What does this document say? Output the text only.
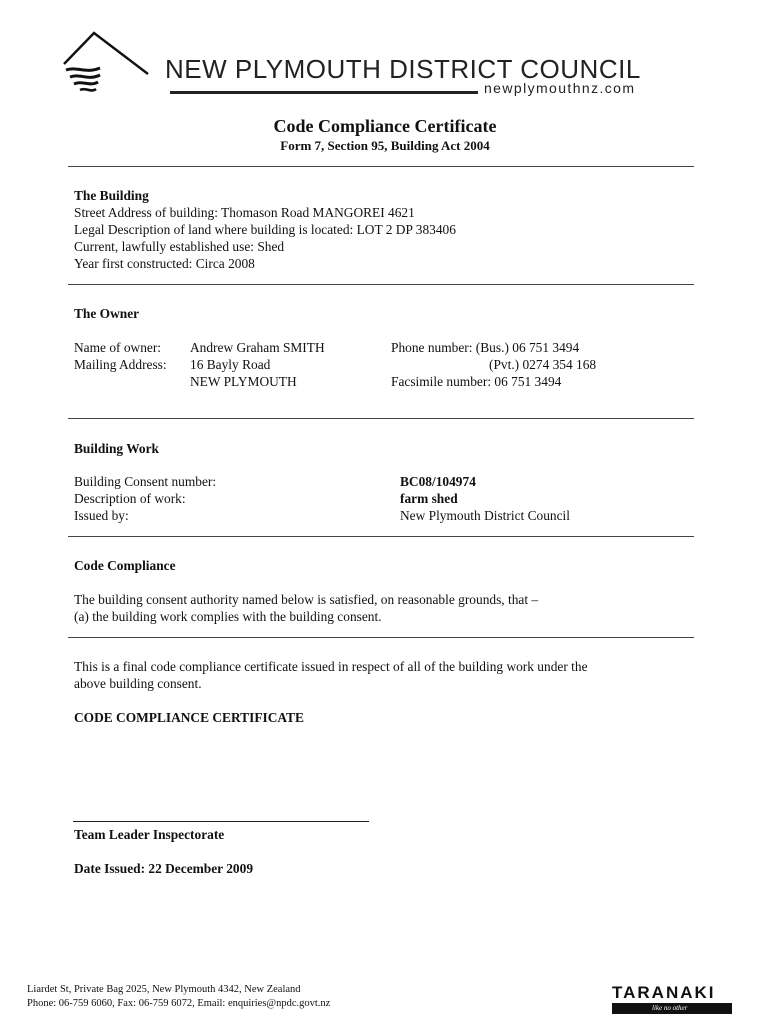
NEW PLYMOUTH DISTRICT COUNCIL
newplymouthnz.com
Code Compliance Certificate
Form 7, Section 95, Building Act 2004
The Building
Street Address of building: Thomason Road MANGOREI 4621
Legal Description of land where building is located: LOT 2 DP 383406
Current, lawfully established use: Shed
Year first constructed: Circa 2008
The Owner
Name of owner: Andrew Graham SMITH
Mailing Address: 16 Bayly Road
NEW PLYMOUTH
Phone number: (Bus.) 06 751 3494
(Pvt.) 0274 354 168
Facsimile number: 06 751 3494
Building Work
Building Consent number:	BC08/104974
Description of work:	farm shed
Issued by:	New Plymouth District Council
Code Compliance
The building consent authority named below is satisfied, on reasonable grounds, that –
(a) the building work complies with the building consent.
This is a final code compliance certificate issued in respect of all of the building work under the
above building consent.
CODE COMPLIANCE CERTIFICATE
Team Leader Inspectorate
Date Issued: 22 December 2009
Liardet St, Private Bag 2025, New Plymouth 4342, New Zealand
Phone: 06-759 6060, Fax: 06-759 6072, Email: enquiries@npdc.govt.nz
TARANAKI
like no other
